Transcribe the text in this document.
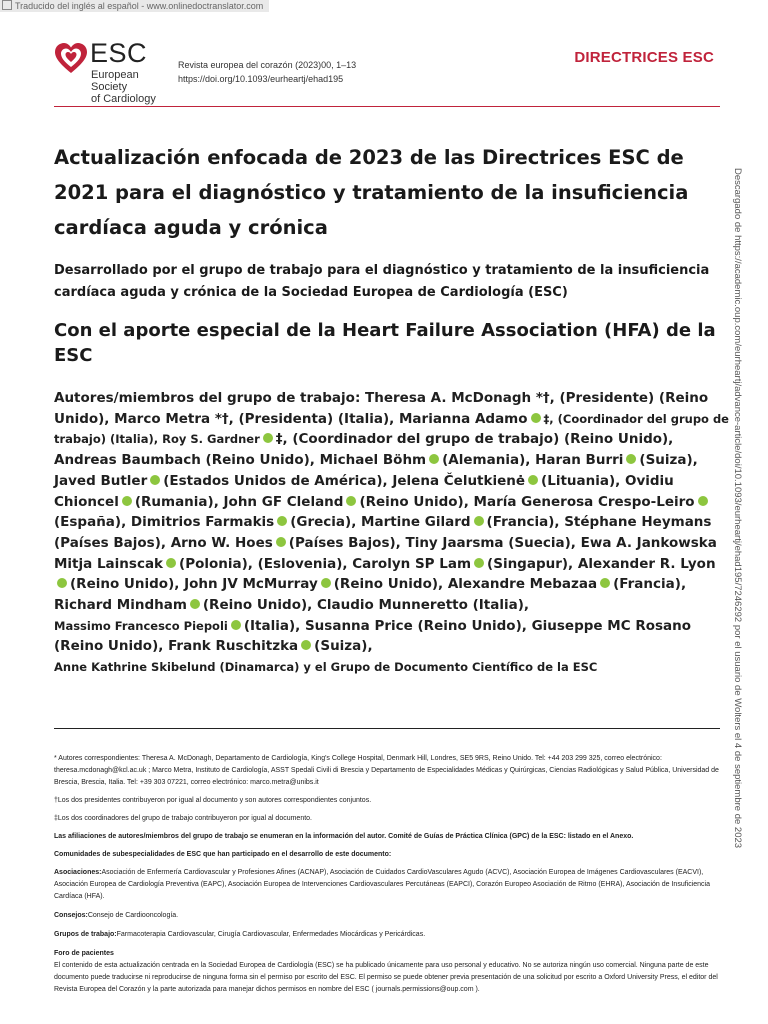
Traducido del inglés al español - www.onlinedoctranslator.com
ESC
European Society
of Cardiology
Revista europea del corazón (2023)00, 1–13
https://doi.org/10.1093/eurheartj/ehad195
DIRECTRICES ESC
Actualización enfocada de 2023 de las Directrices ESC de 2021 para el diagnóstico y tratamiento de la insuficiencia cardíaca aguda y crónica
Desarrollado por el grupo de trabajo para el diagnóstico y tratamiento de la insuficiencia cardíaca aguda y crónica de la Sociedad Europea de Cardiología (ESC)
Con el aporte especial de la Heart Failure Association (HFA) de la ESC
Autores/miembros del grupo de trabajo: Theresa A. McDonagh *†, (Presidente) (Reino Unido), Marco Metra *†, (Presidenta) (Italia), Marianna Adamo ‡, (Coordinador del grupo de trabajo) (Italia), Roy S. Gardner ‡, (Coordinador del grupo de trabajo) (Reino Unido), Andreas Baumbach (Reino Unido), Michael Böhm (Alemania), Haran Burri (Suiza), Javed Butler (Estados Unidos de América), Jelena Čelutkienė (Lituania), Ovidiu Chioncel (Rumania), John GF Cleland (Reino Unido), María Generosa Crespo-Leiro(España), Dimitrios Farmakis (Grecia), Martine Gilard (Francia), Stéphane Heymans (Países Bajos), Arno W. Hoes (Países Bajos), Tiny Jaarsma (Suecia), Ewa A. Jankowska Mitja Lainscak (Polonia), (Eslovenia), Carolyn SP Lam (Singapur), Alexander R. Lyon(Reino Unido), John JV McMurray (Reino Unido), Alexandre Mebazaa (Francia), Richard Mindham (Reino Unido), Claudio Munneretto (Italia),
Massimo Francesco Piepoli (Italia), Susanna Price (Reino Unido), Giuseppe MC Rosano (Reino Unido), Frank Ruschitzka (Suiza),
Anne Kathrine Skibelund (Dinamarca) y el Grupo de Documento Científico de la ESC	Descargado de https://academic.oup.com/eurheartj/advance-article/doi/10.1093/eurheartj/ehad195/7246292 por el usuario de Wolters el 4 de septiembre de 2023

* Autores correspondientes: Theresa A. McDonagh, Departamento de Cardiología, King's College Hospital, Denmark Hill, Londres, SE5 9RS, Reino Unido. Tel: +44 203 299 325, correo electrónico: theresa.mcdonagh@kcl.ac.uk ; Marco Metra, Instituto de Cardiología, ASST Spedali Civili di Brescia y Departamento de Especialidades Médicas y Quirúrgicas, Ciencias Radiológicas y Salud Pública, Universidad de Brescia, Brescia, Italia. Tel: +39 303 07221, correo electrónico: marco.metra@unibs.it

†Los dos presidentes contribuyeron por igual al documento y son autores correspondientes conjuntos.

‡Los dos coordinadores del grupo de trabajo contribuyeron por igual al documento.

Las afiliaciones de autores/miembros del grupo de trabajo se enumeran en la información del autor. Comité de Guías de Práctica Clínica (GPC) de la ESC: listado en el Anexo.

Comunidades de subespecialidades de ESC que han participado en el desarrollo de este documento:

Asociaciones:Asociación de Enfermería Cardiovascular y Profesiones Afines (ACNAP), Asociación de Cuidados CardioVasculares Agudo (ACVC), Asociación Europea de Imágenes Cardiovasculares (EACVI), Asociación Europea de Cardiología Preventiva (EAPC), Asociación Europea de Intervenciones Cardiovasculares Percutáneas (EAPCI), Corazón Europeo Asociación de Ritmo (EHRA), Asociación de Insuficiencia Cardíaca (HFA).

Consejos:Consejo de Cardiooncología.

Grupos de trabajo:Farmacoterapia Cardiovascular, Cirugía Cardiovascular, Enfermedades Miocárdicas y Pericárdicas.

Foro de pacientes

El contenido de esta actualización centrada en la Sociedad Europea de Cardiología (ESC) se ha publicado únicamente para uso personal y educativo. No se autoriza ningún uso comercial. Ninguna parte de este documento puede traducirse ni reproducirse de ninguna forma sin el permiso por escrito del ESC. El permiso se puede obtener previa presentación de una solicitud por escrito a Oxford University Press, el editor del Revista Europea del Corazón y la parte autorizada para manejar dichos permisos en nombre del ESC ( journals.permissions@oup.com ).
